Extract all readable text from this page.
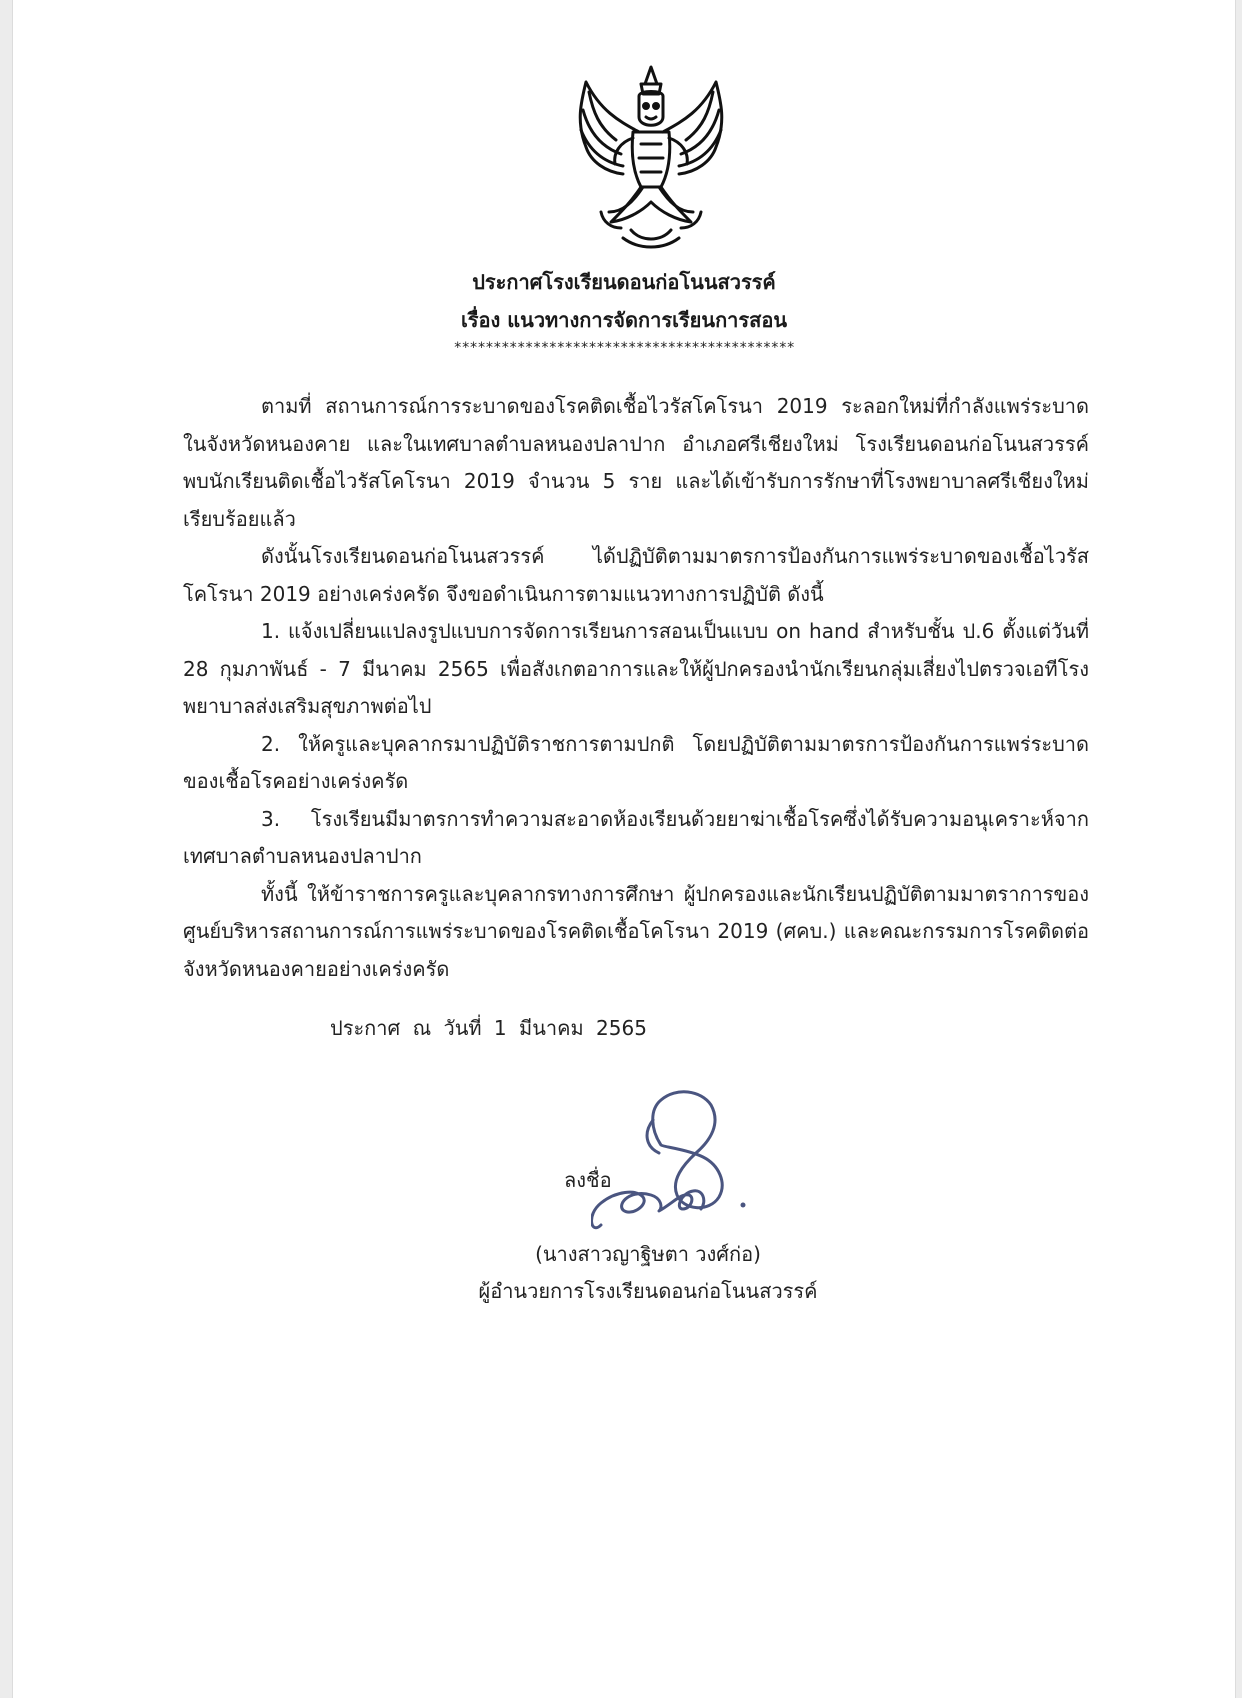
ประกาศโรงเรียนดอนก่อโนนสวรรค์
เรื่อง แนวทางการจัดการเรียนการสอน
*******************************************

ตามที่ สถานการณ์การระบาดของโรคติดเชื้อไวรัสโคโรนา 2019 ระลอกใหม่ที่กำลังแพร่ระบาดในจังหวัดหนองคาย และในเทศบาลตำบลหนองปลาปาก อำเภอศรีเชียงใหม่ โรงเรียนดอนก่อโนนสวรรค์ พบนักเรียนติดเชื้อไวรัสโคโรนา 2019 จำนวน 5 ราย และได้เข้ารับการรักษาที่โรงพยาบาลศรีเชียงใหม่เรียบร้อยแล้ว

ดังนั้นโรงเรียนดอนก่อโนนสวรรค์ ได้ปฏิบัติตามมาตรการป้องกันการแพร่ระบาดของเชื้อไวรัสโคโรนา 2019 อย่างเคร่งครัด จึงขอดำเนินการตามแนวทางการปฏิบัติ ดังนี้

1. แจ้งเปลี่ยนแปลงรูปแบบการจัดการเรียนการสอนเป็นแบบ on hand สำหรับชั้น ป.6 ตั้งแต่วันที่ 28 กุมภาพันธ์ - 7 มีนาคม 2565 เพื่อสังเกตอาการและให้ผู้ปกครองนำนักเรียนกลุ่มเสี่ยงไปตรวจเอทีโรงพยาบาลส่งเสริมสุขภาพต่อไป

2. ให้ครูและบุคลากรมาปฏิบัติราชการตามปกติ โดยปฏิบัติตามมาตรการป้องกันการแพร่ระบาดของเชื้อโรคอย่างเคร่งครัด

3. โรงเรียนมีมาตรการทำความสะอาดห้องเรียนด้วยยาฆ่าเชื้อโรคซึ่งได้รับความอนุเคราะห์จากเทศบาลตำบลหนองปลาปาก

ทั้งนี้ ให้ข้าราชการครูและบุคลากรทางการศึกษา ผู้ปกครองและนักเรียนปฏิบัติตามมาตราการของศูนย์บริหารสถานการณ์การแพร่ระบาดของโรคติดเชื้อโคโรนา 2019 (ศคบ.) และคณะกรรมการโรคติดต่อจังหวัดหนองคายอย่างเคร่งครัด

ประกาศ ณ วันที่ 1 มีนาคม 2565
ลงชื่อ
(นางสาวญาฐิษตา วงศ์ก่อ)
ผู้อำนวยการโรงเรียนดอนก่อโนนสวรรค์
